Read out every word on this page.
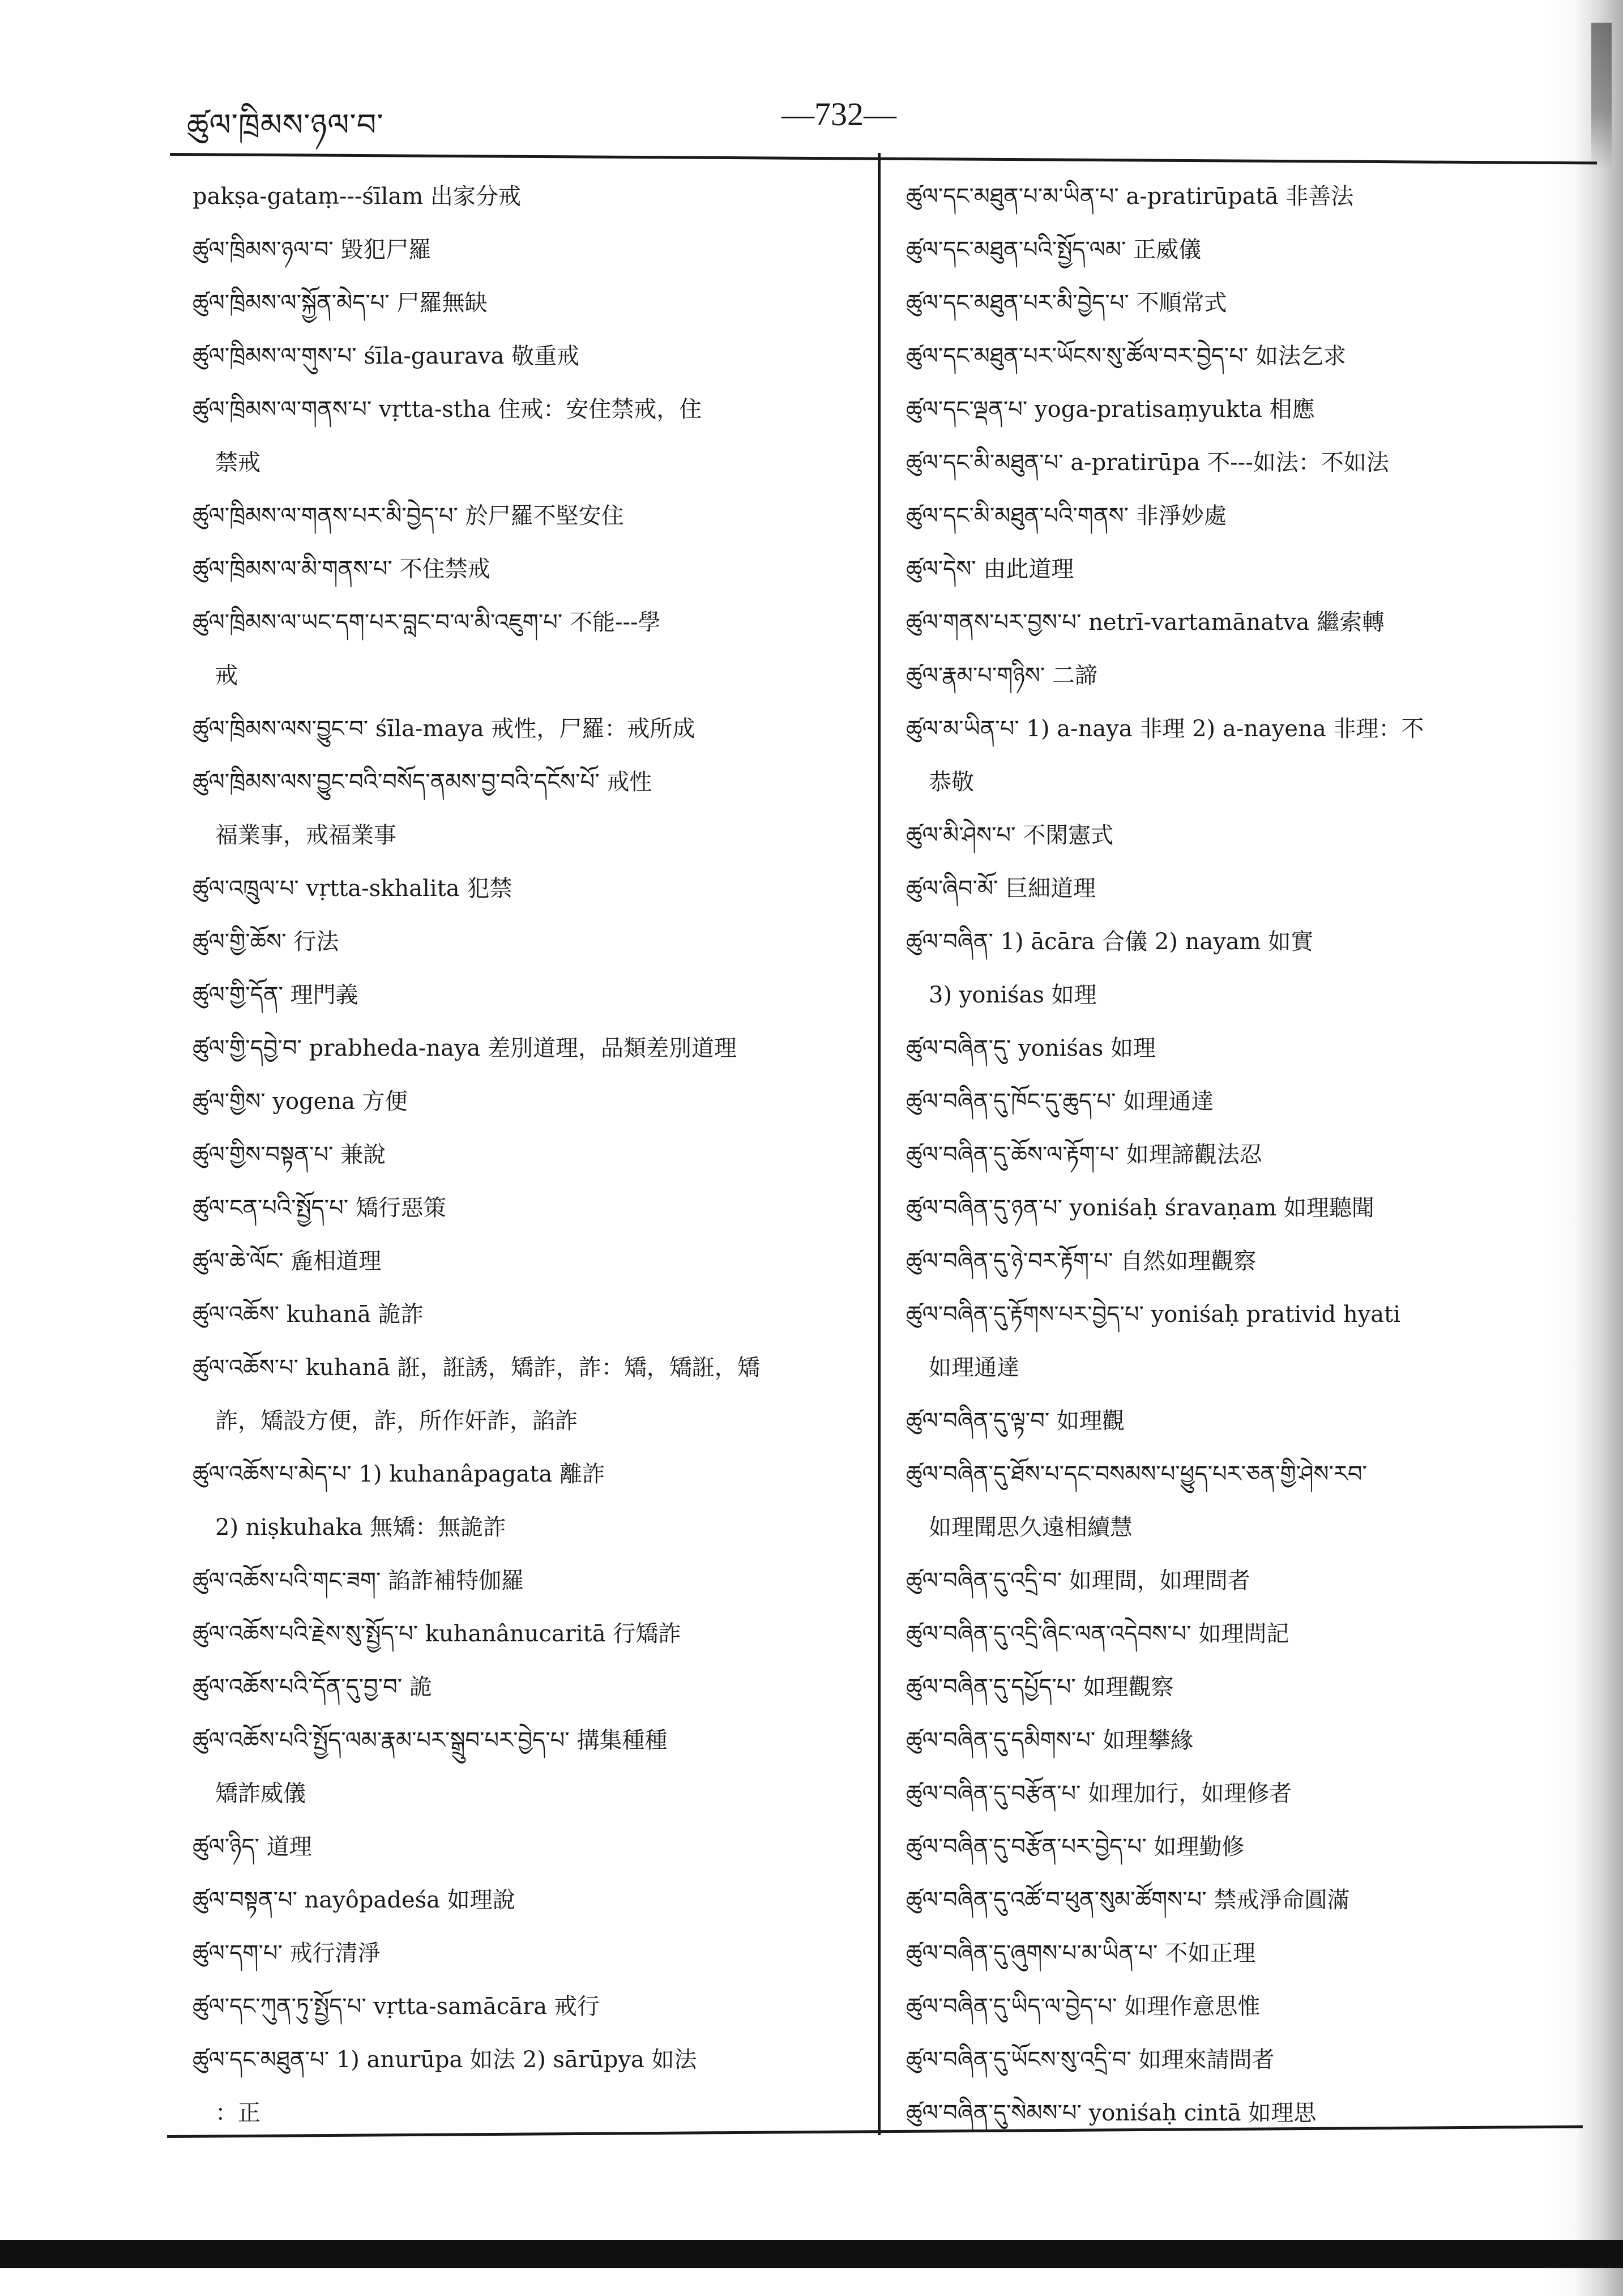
ཚུལ་ཁྲིམས་ཉལ་བ་	—732—
pakṣa-gataṃ---śīlam 出家分戒
ཚུལ་ཁྲིམས་ཉལ་བ་ 毀犯尸羅
ཚུལ་ཁྲིམས་ལ་སྐྱོན་མེད་པ་ 尸羅無缺
ཚུལ་ཁྲིམས་ལ་གུས་པ་ śīla-gaurava 敬重戒
ཚུལ་ཁྲིམས་ལ་གནས་པ་ vṛtta-stha 住戒：安住禁戒，住
禁戒
ཚུལ་ཁྲིམས་ལ་གནས་པར་མི་བྱེད་པ་ 於尸羅不堅安住
ཚུལ་ཁྲིམས་ལ་མི་གནས་པ་ 不住禁戒
ཚུལ་ཁྲིམས་ལ་ཡང་དག་པར་བླང་བ་ལ་མི་འཇུག་པ་ 不能---學
戒
ཚུལ་ཁྲིམས་ལས་བྱུང་བ་ śīla-maya 戒性，尸羅：戒所成
ཚུལ་ཁྲིམས་ལས་བྱུང་བའི་བསོད་ནམས་བྱ་བའི་དངོས་པོ་ 戒性
福業事，戒福業事
ཚུལ་འཁྲུལ་པ་ vṛtta-skhalita 犯禁
ཚུལ་གྱི་ཆོས་ 行法
ཚུལ་གྱི་དོན་ 理門義
ཚུལ་གྱི་དབྱེ་བ་ prabheda-naya 差別道理，品類差別道理
ཚུལ་གྱིས་ yogena 方便
ཚུལ་གྱིས་བསྟན་པ་ 兼說
ཚུལ་ངན་པའི་སྤྱོད་པ་ 矯行惡策
ཚུལ་ཆེ་ལོང་ 麁相道理
ཚུལ་འཆོས་ kuhanā 詭詐
ཚུལ་འཆོས་པ་ kuhanā 誑，誑誘，矯詐，詐：矯，矯誑，矯
詐，矯設方便，詐，所作奸詐，諂詐
ཚུལ་འཆོས་པ་མེད་པ་ 1) kuhanâpagata 離詐
2) niṣkuhaka 無矯：無詭詐
ཚུལ་འཆོས་པའི་གང་ཟག་ 諂詐補特伽羅
ཚུལ་འཆོས་པའི་རྗེས་སུ་སྤྱོད་པ་ kuhanânucaritā 行矯詐
ཚུལ་འཆོས་པའི་དོན་དུ་བྱ་བ་ 詭
ཚུལ་འཆོས་པའི་སྤྱོད་ལམ་རྣམ་པར་སྒྲུབ་པར་བྱེད་པ་ 搆集種種
矯詐威儀
ཚུལ་ཉིད་ 道理
ཚུལ་བསྟན་པ་ nayôpadeśa 如理說
ཚུལ་དག་པ་ 戒行清淨
ཚུལ་དང་ཀུན་ཏུ་སྤྱོད་པ་ vṛtta-samācāra 戒行
ཚུལ་དང་མཐུན་པ་ 1) anurūpa 如法 2) sārūpya 如法
：正
ཚུལ་དང་མཐུན་པ་མ་ཡིན་པ་ a-pratirūpatā 非善法
ཚུལ་དང་མཐུན་པའི་སྤྱོད་ལམ་ 正威儀
ཚུལ་དང་མཐུན་པར་མི་བྱེད་པ་ 不順常式
ཚུལ་དང་མཐུན་པར་ཡོངས་སུ་ཚོལ་བར་བྱེད་པ་ 如法乞求
ཚུལ་དང་ལྡན་པ་ yoga-pratisaṃyukta 相應
ཚུལ་དང་མི་མཐུན་པ་ a-pratirūpa 不---如法：不如法
ཚུལ་དང་མི་མཐུན་པའི་གནས་ 非淨妙處
ཚུལ་དེས་ 由此道理
ཚུལ་གནས་པར་བྱས་པ་ netrī-vartamānatva 繼索轉
ཚུལ་རྣམ་པ་གཉིས་ 二諦
ཚུལ་མ་ཡིན་པ་ 1) a-naya 非理 2) a-nayena 非理：不
恭敬
ཚུལ་མི་ཤེས་པ་ 不閑憲式
ཚུལ་ཞིབ་མོ་ 巨細道理
ཚུལ་བཞིན་ 1) ācāra 合儀 2) nayam 如實
3) yoniśas 如理
ཚུལ་བཞིན་དུ་ yoniśas 如理
ཚུལ་བཞིན་དུ་ཁོང་དུ་ཆུད་པ་ 如理通達
ཚུལ་བཞིན་དུ་ཆོས་ལ་རྟོག་པ་ 如理諦觀法忍
ཚུལ་བཞིན་དུ་ཉན་པ་ yoniśaḥ śravaṇam 如理聽聞
ཚུལ་བཞིན་དུ་ཉེ་བར་རྟོག་པ་ 自然如理觀察
ཚུལ་བཞིན་དུ་རྟོགས་པར་བྱེད་པ་ yoniśaḥ prativid hyati
如理通達
ཚུལ་བཞིན་དུ་ལྟ་བ་ 如理觀
ཚུལ་བཞིན་དུ་ཐོས་པ་དང་བསམས་པ་ཕྱུད་པར་ཅན་གྱི་ཤེས་རབ་
如理聞思久遠相續慧
ཚུལ་བཞིན་དུ་འདྲི་བ་ 如理問，如理問者
ཚུལ་བཞིན་དུ་འདྲི་ཞིང་ལན་འདེབས་པ་ 如理問記
ཚུལ་བཞིན་དུ་དཔྱོད་པ་ 如理觀察
ཚུལ་བཞིན་དུ་དམིགས་པ་ 如理攀緣
ཚུལ་བཞིན་དུ་བརྩོན་པ་ 如理加行，如理修者
ཚུལ་བཞིན་དུ་བརྩོན་པར་བྱེད་པ་ 如理勤修
ཚུལ་བཞིན་དུ་འཚོ་བ་ཕུན་སུམ་ཚོགས་པ་ 禁戒淨命圓滿
ཚུལ་བཞིན་དུ་ཞུགས་པ་མ་ཡིན་པ་ 不如正理
ཚུལ་བཞིན་དུ་ཡིད་ལ་བྱེད་པ་ 如理作意思惟
ཚུལ་བཞིན་དུ་ཡོངས་སུ་འདྲི་བ་ 如理來請問者
ཚུལ་བཞིན་དུ་སེམས་པ་ yoniśaḥ cintā 如理思
